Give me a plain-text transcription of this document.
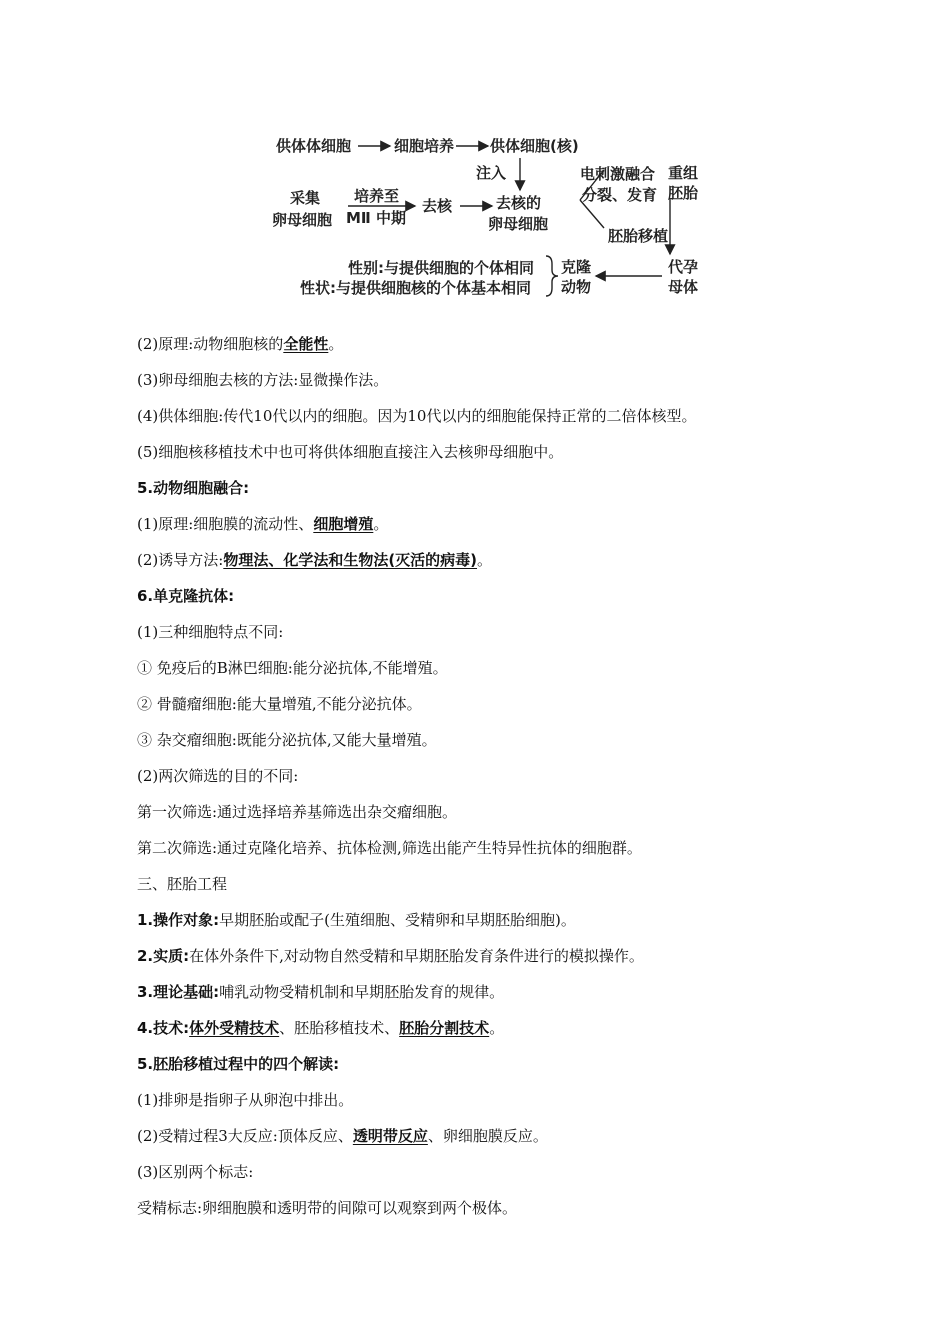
供体体细胞	细胞培养 供体细胞(核)
注入
采集
卵母细胞
培养至
MⅡ 中期
去核	去核的
卵母细胞
电刺激融合
分裂、发育
重组
胚胎
胚胎移植
代孕
母体
克隆
动物
性别:与提供细胞的个体相同
性状:与提供细胞核的个体基本相同
(2)原理:动物细胞核的全能性。
(3)卵母细胞去核的方法:显微操作法。
(4)供体细胞:传代10代以内的细胞。因为10代以内的细胞能保持正常的二倍体核型。
(5)细胞核移植技术中也可将供体细胞直接注入去核卵母细胞中。
5.动物细胞融合:
(1)原理:细胞膜的流动性、细胞增殖。
(2)诱导方法:物理法、化学法和生物法(灭活的病毒)。
6.单克隆抗体:
(1)三种细胞特点不同:
① 免疫后的B淋巴细胞:能分泌抗体,不能增殖。
② 骨髓瘤细胞:能大量增殖,不能分泌抗体。
③ 杂交瘤细胞:既能分泌抗体,又能大量增殖。
(2)两次筛选的目的不同:
第一次筛选:通过选择培养基筛选出杂交瘤细胞。
第二次筛选:通过克隆化培养、抗体检测,筛选出能产生特异性抗体的细胞群。
三、胚胎工程
1.操作对象:早期胚胎或配子(生殖细胞、受精卵和早期胚胎细胞)。
2.实质:在体外条件下,对动物自然受精和早期胚胎发育条件进行的模拟操作。
3.理论基础:哺乳动物受精机制和早期胚胎发育的规律。
4.技术:体外受精技术、胚胎移植技术、胚胎分割技术。
5.胚胎移植过程中的四个解读:
(1)排卵是指卵子从卵泡中排出。
(2)受精过程3大反应:顶体反应、透明带反应、卵细胞膜反应。
(3)区别两个标志:
受精标志:卵细胞膜和透明带的间隙可以观察到两个极体。
